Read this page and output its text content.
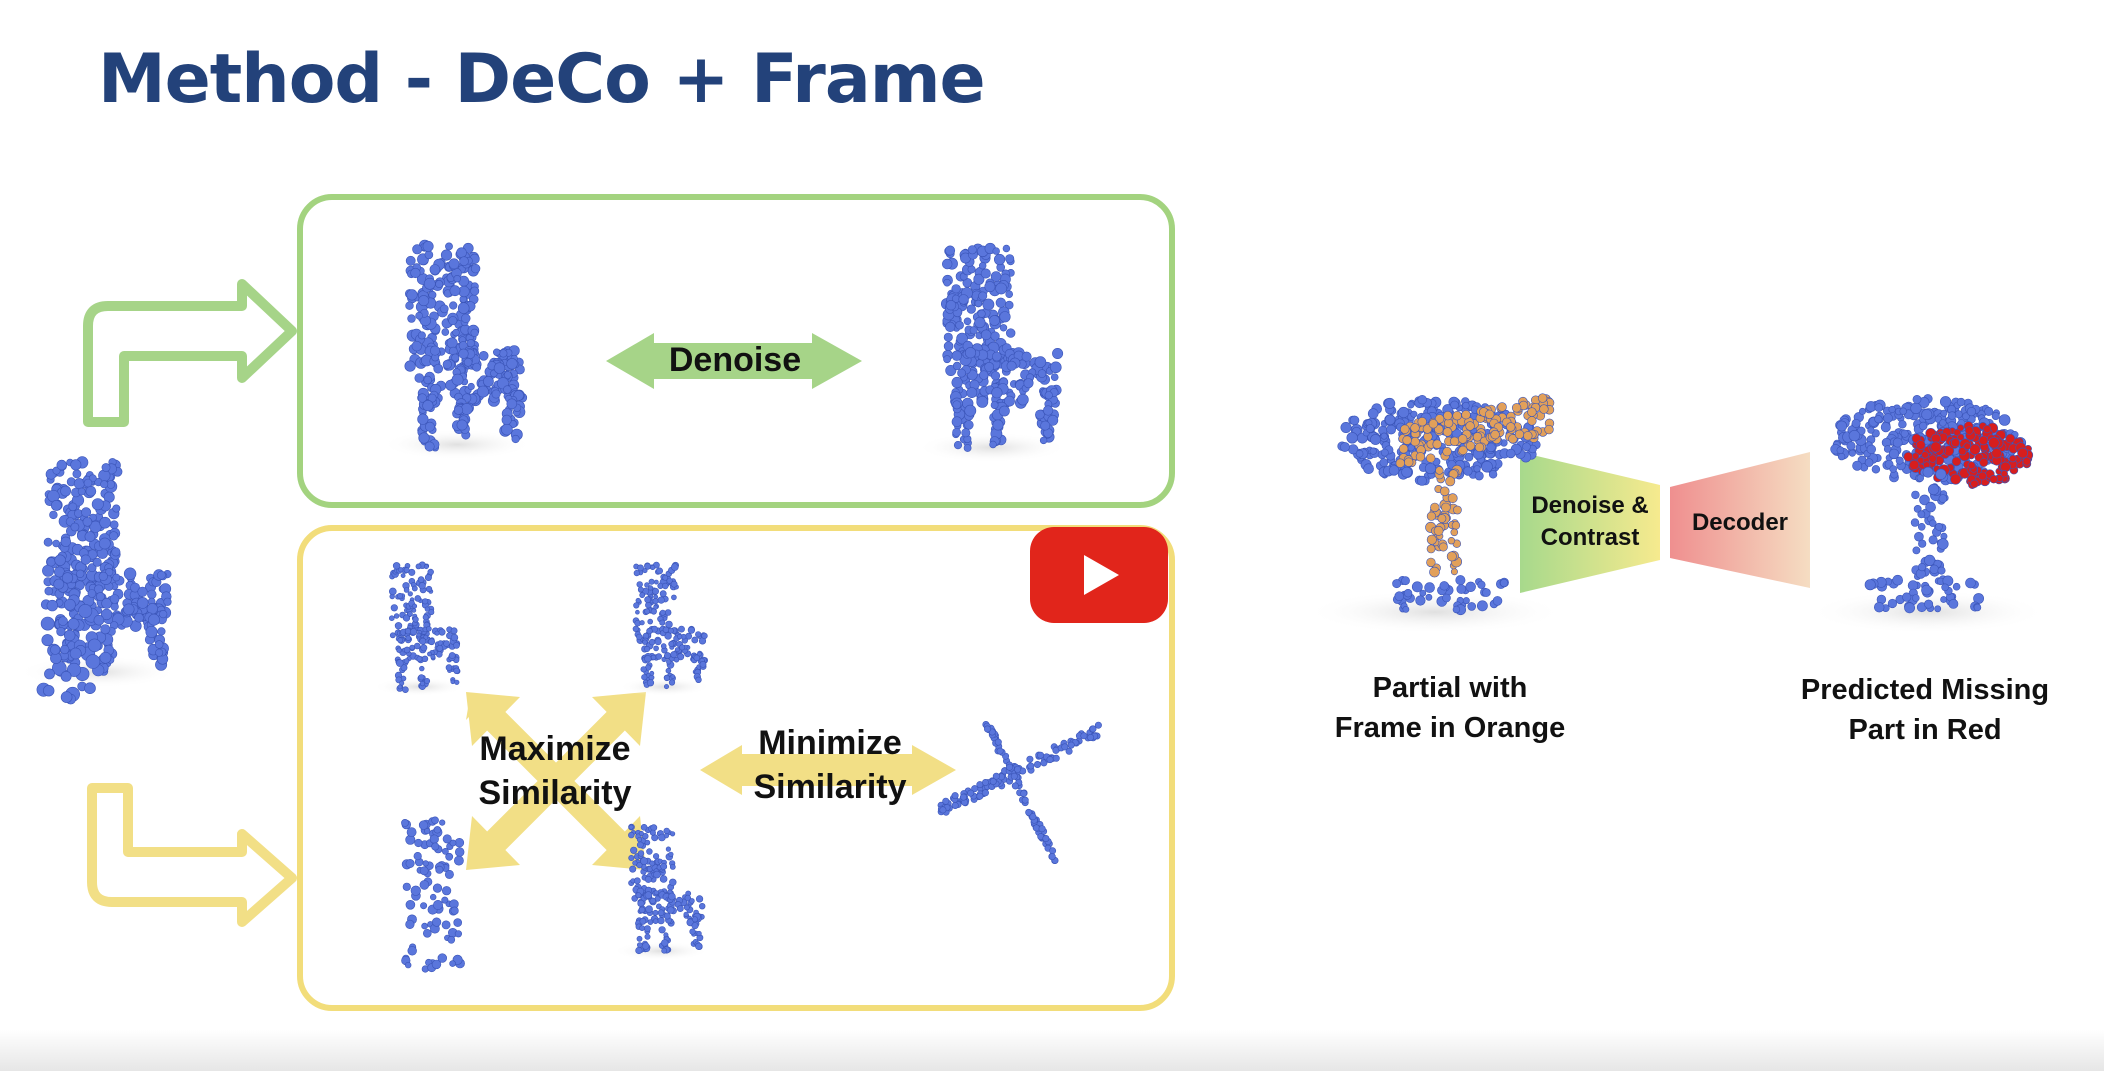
Method - DeCo + Frame
Denoise
Maximize
Similarity
Minimize
Similarity
Denoise &
Contrast
Decoder
Partial with
Frame in Orange
Predicted Missing
Part in Red
